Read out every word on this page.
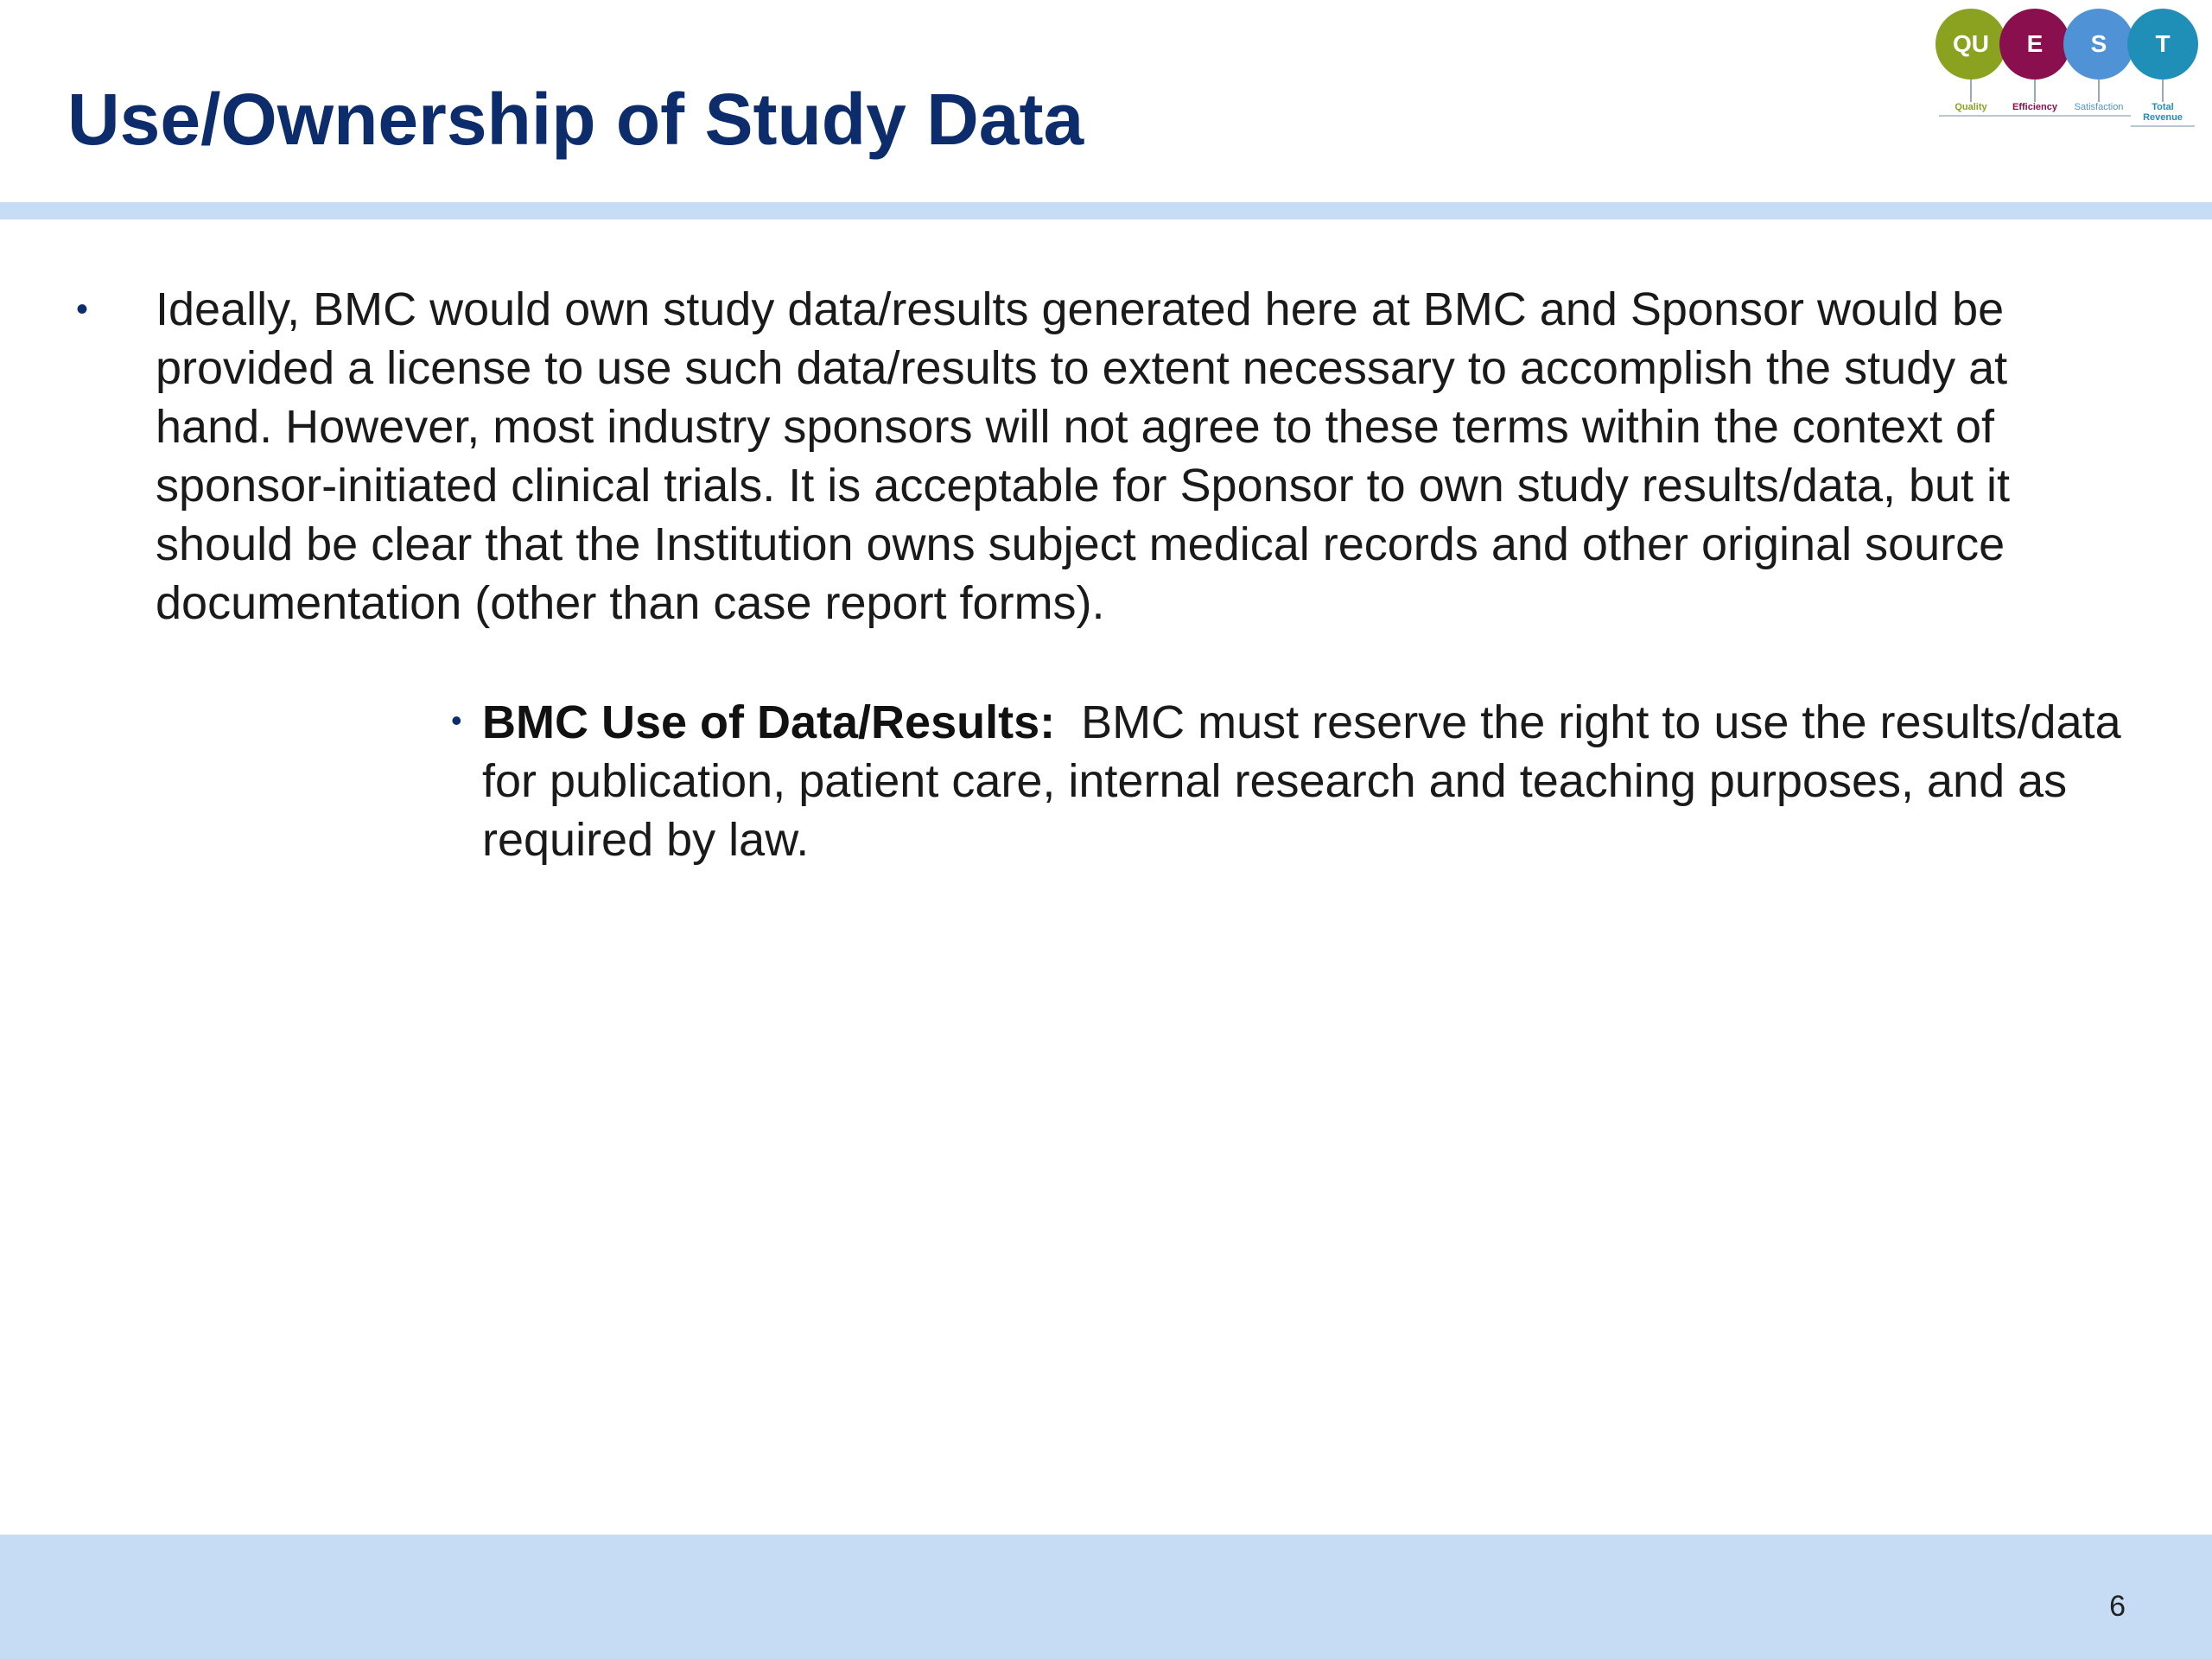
Use/Ownership of Study Data
QU	E	S	T
Quality	Efficiency	Satisfaction	Total Revenue
• Ideally, BMC would own study data/results generated here at BMC and Sponsor would be provided a license to use such data/results to extent necessary to accomplish the study at hand. However, most industry sponsors will not agree to these terms within the context of sponsor-initiated clinical trials. It is acceptable for Sponsor to own study results/data, but it should be clear that the Institution owns subject medical records and other original source documentation (other than case report forms).

• BMC Use of Data/Results: BMC must reserve the right to use the results/data for publication, patient care, internal research and teaching purposes, and as required by law.

6
